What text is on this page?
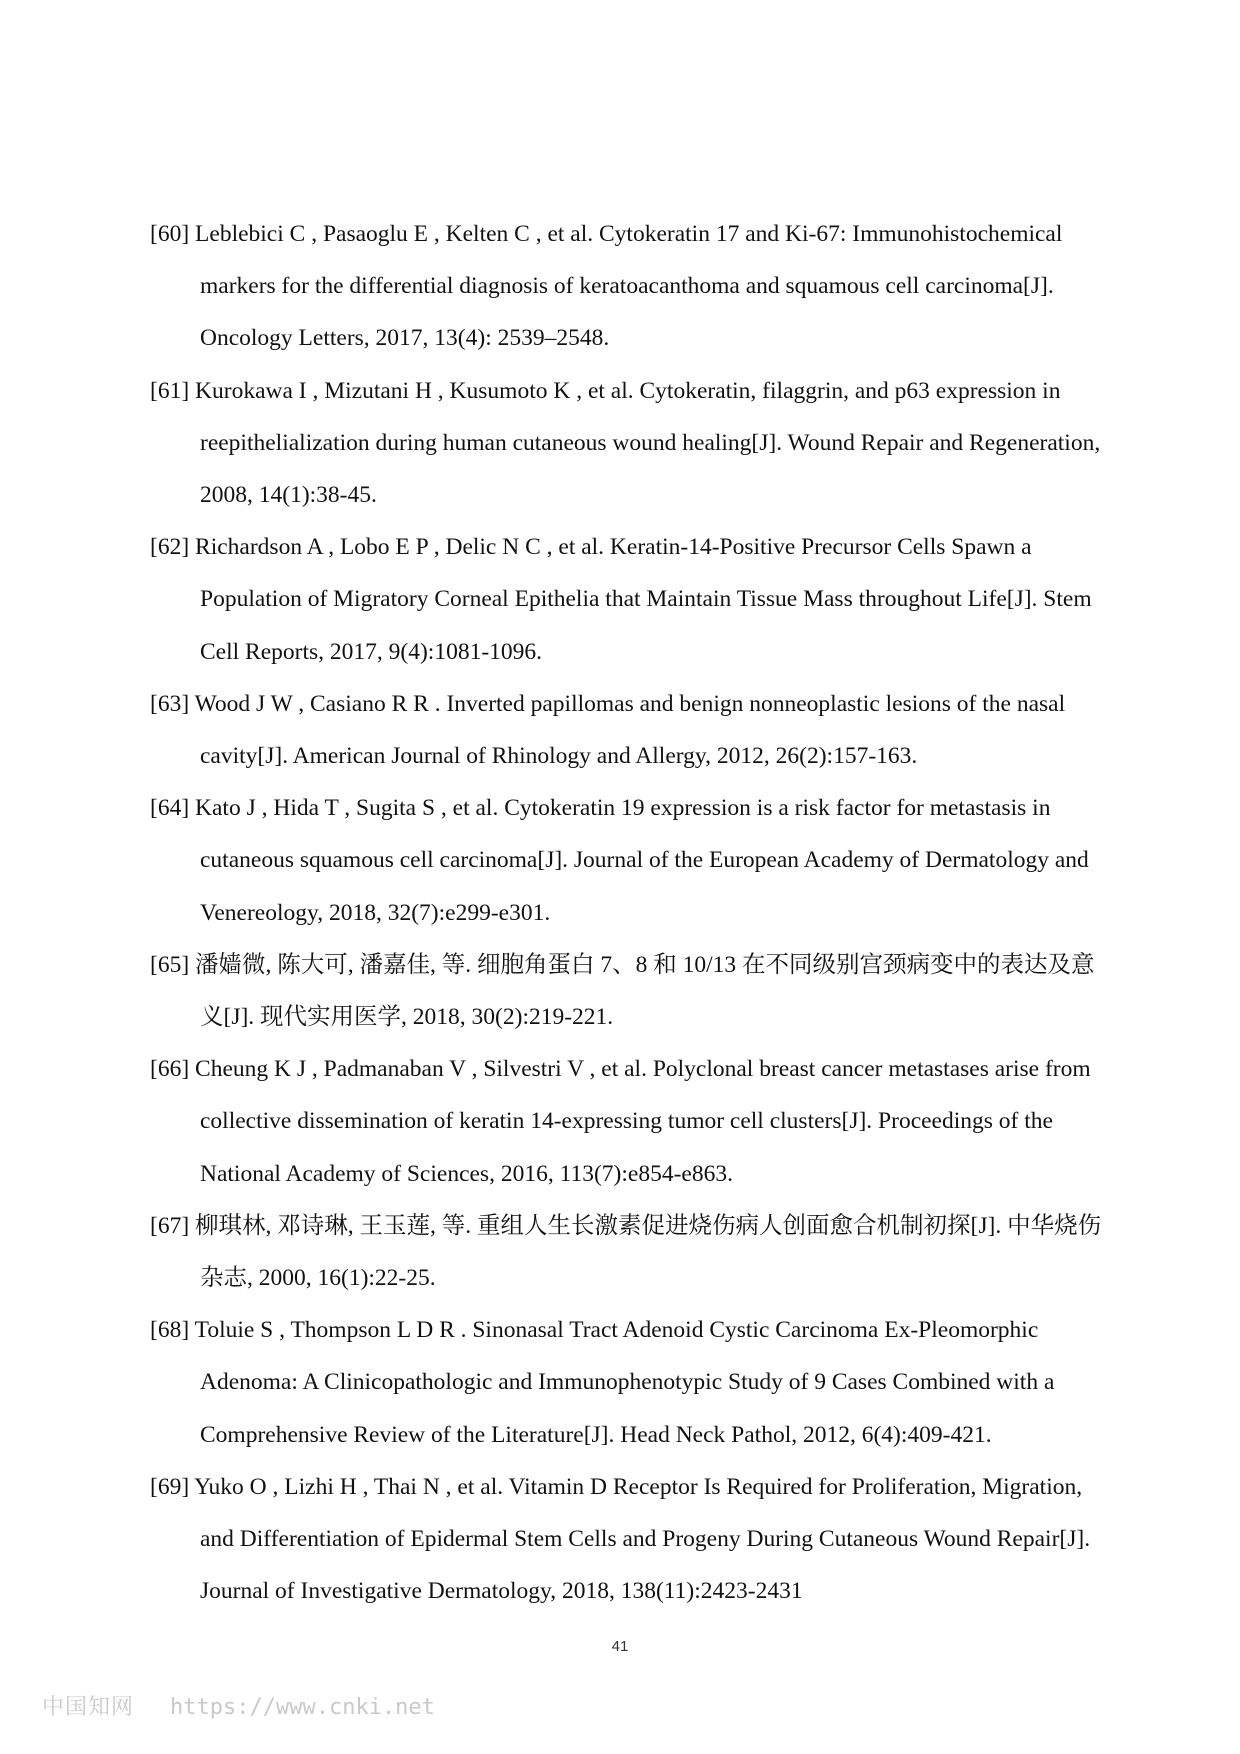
[60] Leblebici C , Pasaoglu E , Kelten C , et al. Cytokeratin 17 and Ki-67: Immunohistochemical markers for the differential diagnosis of keratoacanthoma and squamous cell carcinoma[J]. Oncology Letters, 2017, 13(4): 2539–2548.

[61] Kurokawa I , Mizutani H , Kusumoto K , et al. Cytokeratin, filaggrin, and p63 expression in reepithelialization during human cutaneous wound healing[J]. Wound Repair and Regeneration, 2008, 14(1):38-45.

[62] Richardson A , Lobo E P , Delic N C , et al. Keratin-14-Positive Precursor Cells Spawn a Population of Migratory Corneal Epithelia that Maintain Tissue Mass throughout Life[J]. Stem Cell Reports, 2017, 9(4):1081-1096.

[63] Wood J W , Casiano R R . Inverted papillomas and benign nonneoplastic lesions of the nasal cavity[J]. American Journal of Rhinology and Allergy, 2012, 26(2):157-163.

[64] Kato J , Hida T , Sugita S , et al. Cytokeratin 19 expression is a risk factor for metastasis in cutaneous squamous cell carcinoma[J]. Journal of the European Academy of Dermatology and Venereology, 2018, 32(7):e299-e301.

[65] 潘嫱微, 陈大可, 潘嘉佳, 等. 细胞角蛋白 7、8 和 10/13 在不同级别宫颈病变中的表达及意义[J]. 现代实用医学, 2018, 30(2):219-221.

[66] Cheung K J , Padmanaban V , Silvestri V , et al. Polyclonal breast cancer metastases arise from collective dissemination of keratin 14-expressing tumor cell clusters[J]. Proceedings of the National Academy of Sciences, 2016, 113(7):e854-e863.

[67] 柳琪林, 邓诗琳, 王玉莲, 等. 重组人生长激素促进烧伤病人创面愈合机制初探[J]. 中华烧伤杂志, 2000, 16(1):22-25.

[68] Toluie S , Thompson L D R . Sinonasal Tract Adenoid Cystic Carcinoma Ex-Pleomorphic Adenoma: A Clinicopathologic and Immunophenotypic Study of 9 Cases Combined with a Comprehensive Review of the Literature[J]. Head Neck Pathol, 2012, 6(4):409-421.

[69] Yuko O , Lizhi H , Thai N , et al. Vitamin D Receptor Is Required for Proliferation, Migration, and Differentiation of Epidermal Stem Cells and Progeny During Cutaneous Wound Repair[J]. Journal of Investigative Dermatology, 2018, 138(11):2423-2431

41
中国知网 https://www.cnki.net
